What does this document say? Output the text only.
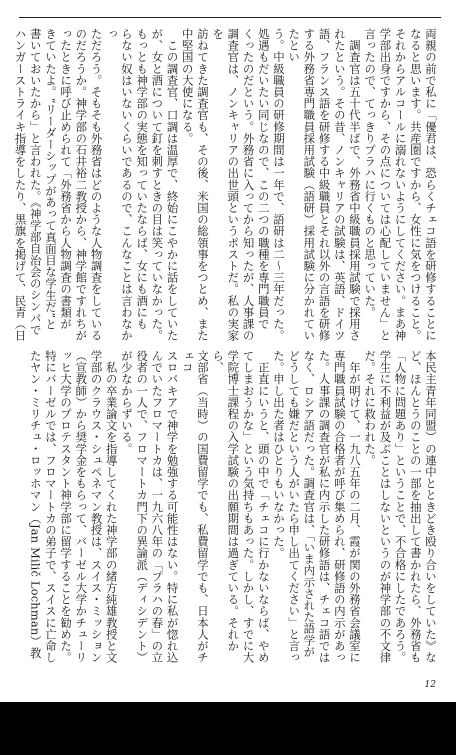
両親の前で私に「優君は、恐らくチェコ語を研修することに
なると思います。共産圏ですから、女性に気をつけること。
それからアルコールに溺れないようにしてください。まあ神
学部出身ですから、その点については心配していません」と
言ったので、てっきりプラハに行くものと思っていた。
　調査官は五十代半ばで、外務省中級職員採用試験で採用さ
れたという。その昔、ノンキャリアの試験は、英語、ドイツ
語、フランス語を研修する中級職員とそれ以外の言語を研修
する外務省専門職員採用試験（語研）採用試験に分かれていたとい
う。中級職員の研修期間は一年で、語研は二〜三年だった。
処遇もだいたい同じなので、この二つの職種を専門職員で
くったのだという。外務省に入ってから知ったが、人事課の
調査官は、ノンキャリアの出世頭というポストだ。私の実家を
訪ねてきた調査官も、その後、米国の総領事をつとめ、また
中堅国の大使になる。
　この調査官、口調は温厚で、終始にこやかに話をしていた
が、女と酒について釘を刺すときの目は笑っていなかった。
もっとも神学部の実態を知っていたならば、女にも酒にも
らない奴はいないくらいであるので、こんなことは言わなかっ
ただろう。そもそも外務省はどのような人物調査をしている
のだろうか。神学部の石井裕二教授から、神学館ですれちが
ったときに呼び止められて「外務省から人物調査の書類が
きていたよ。“リーダーシップがあって真面目な学生だ”と
書いておいたから」と言われた。《神学部自治会のシンパで
ハンガーストライキ指導をしたり、黒旗を掲げて、民青（日
本民主青年同盟）の連中とときどき殴り合いをしていた》な
ど、ほんとうのことの一部を抽出して書かれたら、外務省も
「人物に問題あり」ということで、不合格にしたであろう。
学生に不利益が及ぶことはしないというのが神学部の不文律
だ。それに救われた。
　年が明けて、一九八五年の二月、霞が関の外務省会議室に
専門職員試験の合格者が呼び集められ、研修語の内示があっ
た。人事課の調査官が私に内示した研修語は、チェコ語では
なく、ロシア語だった。調査官は、「いま内示された語学が
どうしても嫌だという人がいたら申し出てください」と言っ
た。申し出た者はひとりもいなかった。
　正直にいうと、頭の中で「チェコに行かないならば、やめ
てしまおうかな」という気持ちもあった。しかし、すでに大
学院博士課程の入学試験の出願期間は過ぎている。それから、
文部省（当時）の国費留学でも、私費留学でも、日本人がチェコ
スロバキアで神学を勉強する可能性はない。特に私が惚れ込
んでいたフロマートカは、一九六八年の「プラハの春」の立
役者の一人で、フロマートカ門下の異論派（ディシデント）
が少なからずいる。
　私の卒業論文を指導してくれた神学部の緒方純雄教授と文
学部のクラウス・シュペネマン教授は、スイス・ミッション
（宣教師）から奨学金をもらって、バーゼル大学かチューリ
ッヒ大学のプロテスタント神学部に留学することを勧めた。
特にバーゼルでは、フロマートカの弟子で、スイスに亡命し
たヤン・ミリチュ・ロッホマン（Jan Milič Lochman）教
12
